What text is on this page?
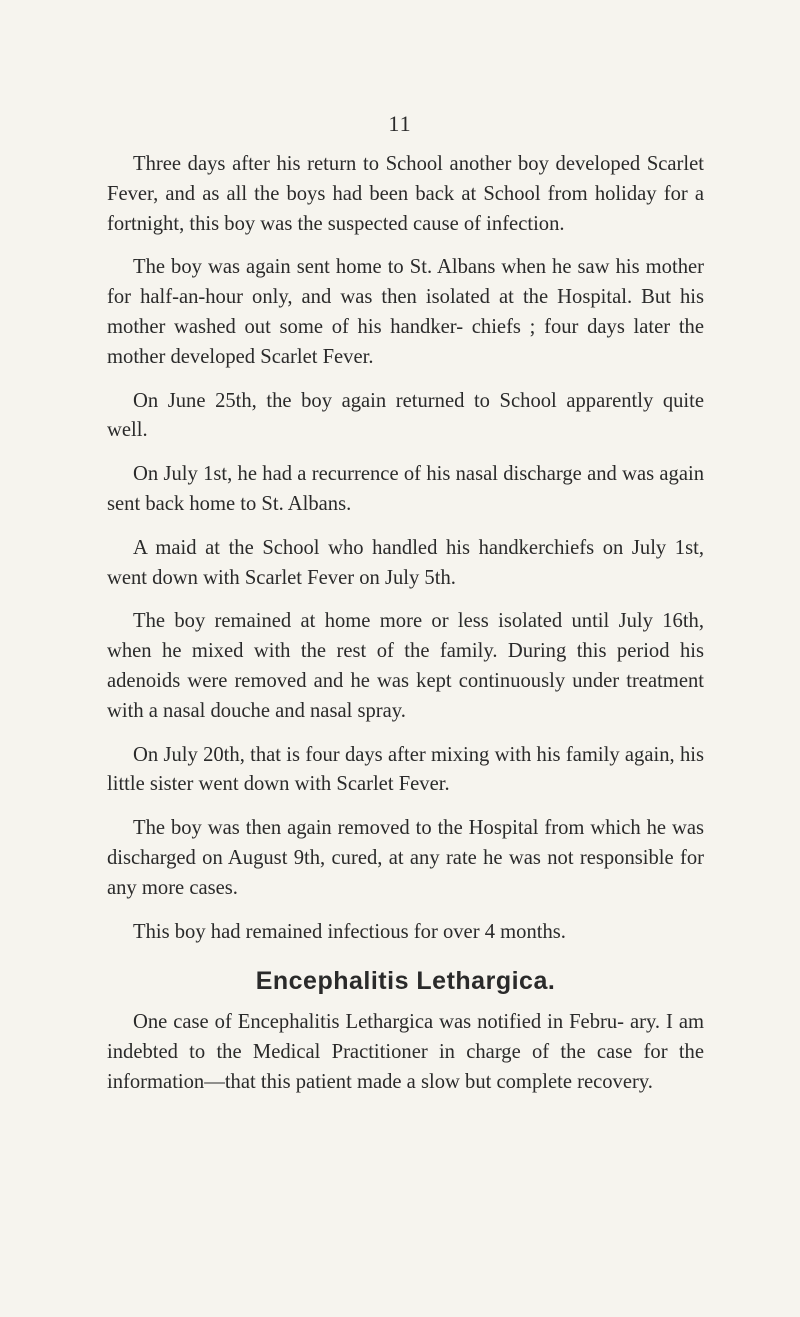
11

Three days after his return to School another boy developed Scarlet Fever, and as all the boys had been back at School from holiday for a fortnight, this boy was the suspected cause of infection.

The boy was again sent home to St. Albans when he saw his mother for half-an-hour only, and was then isolated at the Hospital. But his mother washed out some of his handker- chiefs ; four days later the mother developed Scarlet Fever.

On June 25th, the boy again returned to School apparently quite well.

On July 1st, he had a recurrence of his nasal discharge and was again sent back home to St. Albans.

A maid at the School who handled his handkerchiefs on July 1st, went down with Scarlet Fever on July 5th.

The boy remained at home more or less isolated until July 16th, when he mixed with the rest of the family. During this period his adenoids were removed and he was kept continuously under treatment with a nasal douche and nasal spray.

On July 20th, that is four days after mixing with his family again, his little sister went down with Scarlet Fever.

The boy was then again removed to the Hospital from which he was discharged on August 9th, cured, at any rate he was not responsible for any more cases.

This boy had remained infectious for over 4 months.

Encephalitis Lethargica.

One case of Encephalitis Lethargica was notified in Febru- ary. I am indebted to the Medical Practitioner in charge of the case for the information—that this patient made a slow but complete recovery.
